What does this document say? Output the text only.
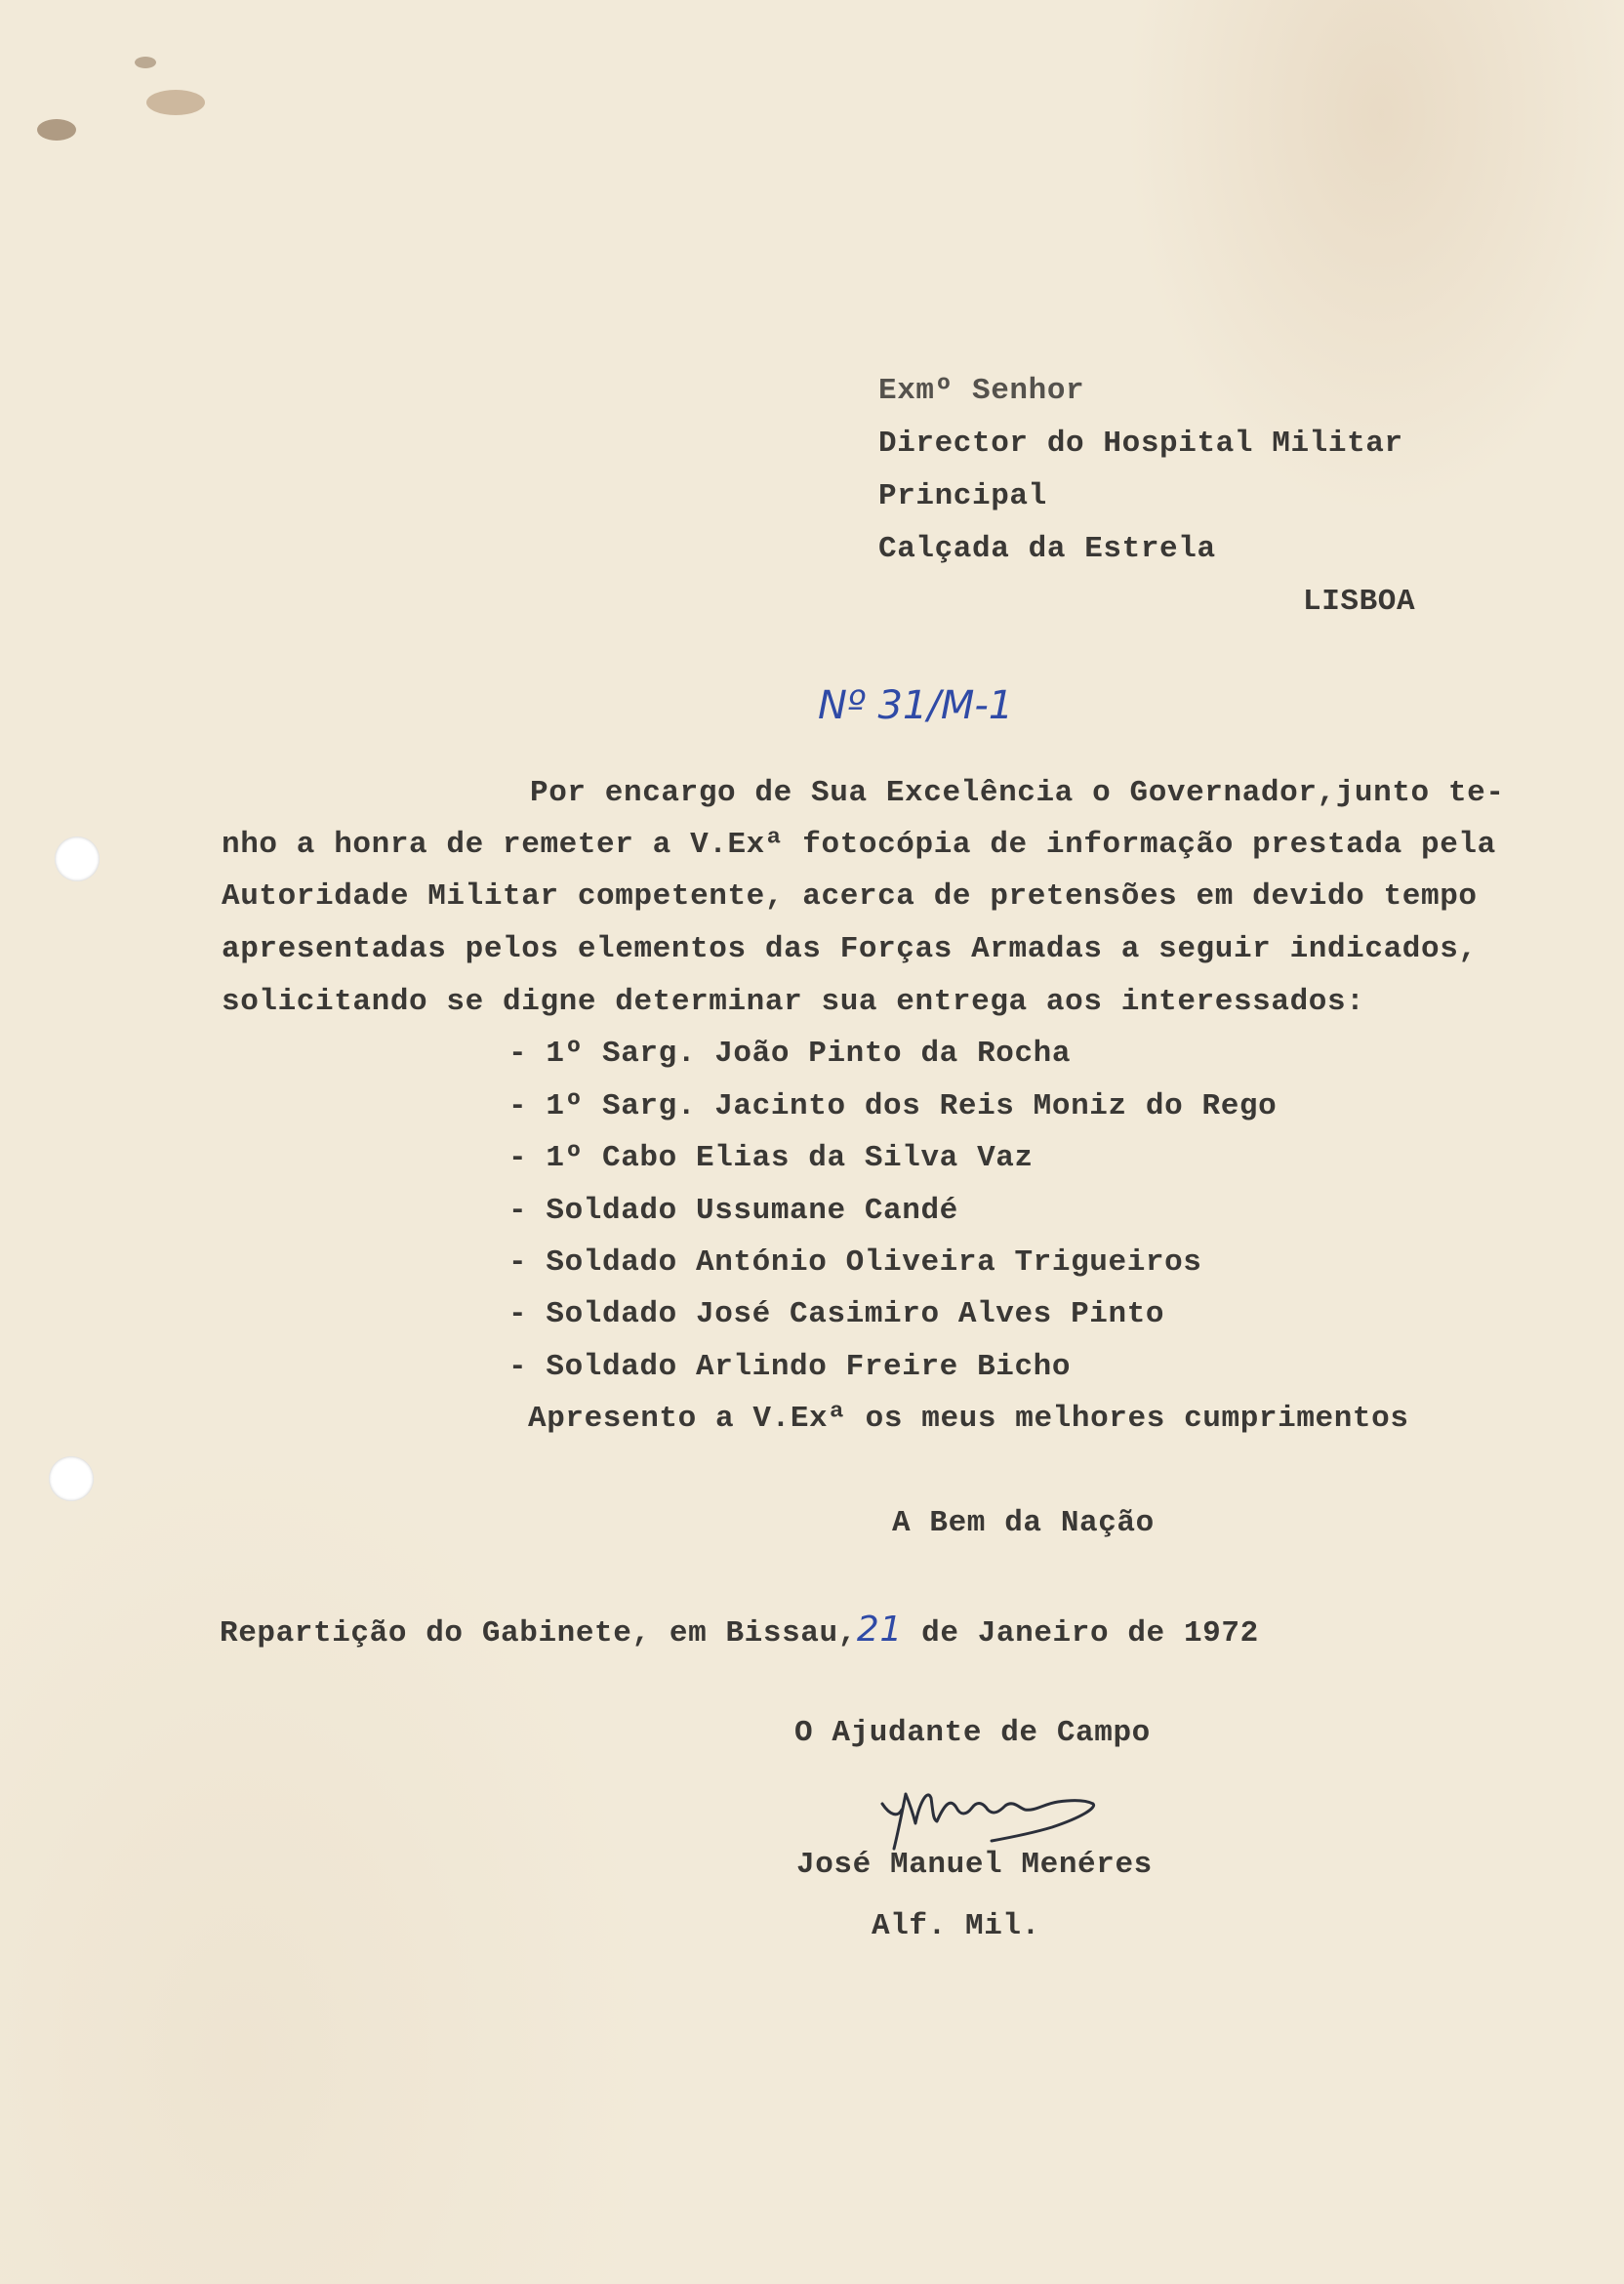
Exmº Senhor
Director do Hospital Militar
Principal
Calçada da Estrela
LISBOA
Nº 31/M-1
Por encargo de Sua Excelência o Governador,junto te-
nho a honra de remeter a V.Exª fotocópia de informação prestada pela
Autoridade Militar competente, acerca de pretensões em devido tempo
apresentadas pelos elementos das Forças Armadas a seguir indicados,
solicitando se digne determinar sua entrega aos interessados:
- 1º Sarg. João Pinto da Rocha
- 1º Sarg. Jacinto dos Reis Moniz do Rego
- 1º Cabo Elias da Silva Vaz
- Soldado Ussumane Candé
- Soldado António Oliveira Trigueiros
- Soldado José Casimiro Alves Pinto
- Soldado Arlindo Freire Bicho
Apresento a V.Exª os meus melhores cumprimentos
A Bem da Nação
Repartição do Gabinete, em Bissau,21 de Janeiro de 1972
O Ajudante de Campo
José Manuel Menéres
Alf. Mil.
